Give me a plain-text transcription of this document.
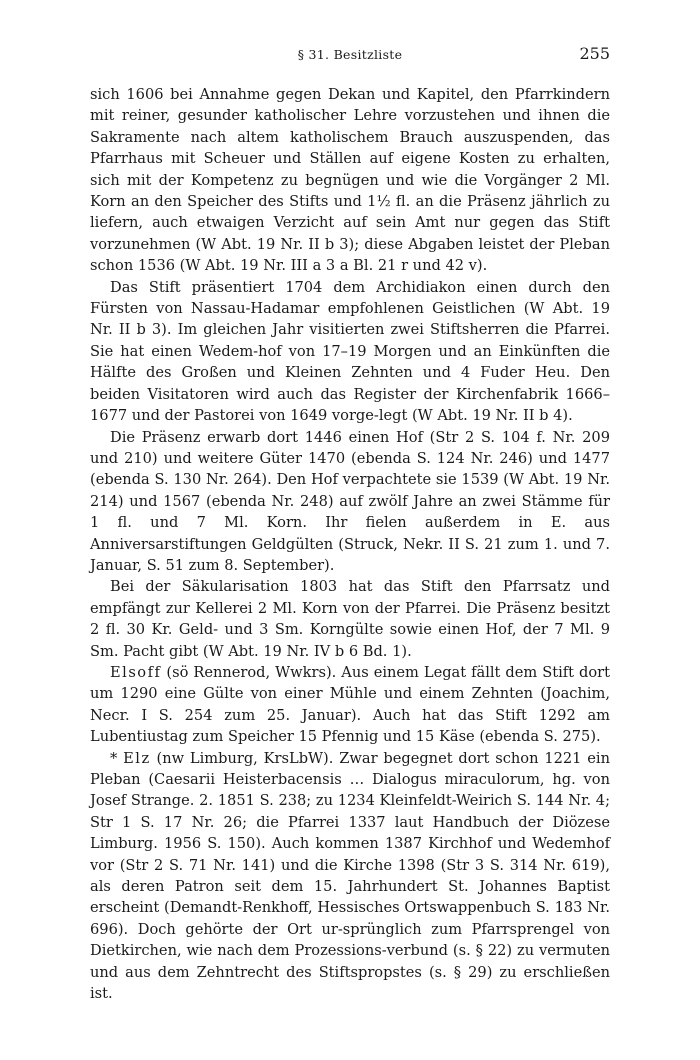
§ 31. Besitzliste	255

sich 1606 bei Annahme gegen Dekan und Kapitel, den Pfarrkindern mit reiner, gesunder katholischer Lehre vorzustehen und ihnen die Sakramente nach altem katholischem Brauch auszuspenden, das Pfarrhaus mit Scheuer und Ställen auf eigene Kosten zu erhalten, sich mit der Kompetenz zu begnügen und wie die Vorgänger 2 Ml. Korn an den Speicher des Stifts und 1½ fl. an die Präsenz jährlich zu liefern, auch etwaigen Verzicht auf sein Amt nur gegen das Stift vorzunehmen (W Abt. 19 Nr. II b 3); diese Abgaben leistet der Pleban schon 1536 (W Abt. 19 Nr. III a 3 a Bl. 21 r und 42 v).

Das Stift präsentiert 1704 dem Archidiakon einen durch den Fürsten von Nassau-Hadamar empfohlenen Geistlichen (W Abt. 19 Nr. II b 3). Im gleichen Jahr visitierten zwei Stiftsherren die Pfarrei. Sie hat einen Wedem-hof von 17–19 Morgen und an Einkünften die Hälfte des Großen und Kleinen Zehnten und 4 Fuder Heu. Den beiden Visitatoren wird auch das Register der Kirchenfabrik 1666–1677 und der Pastorei von 1649 vorge-legt (W Abt. 19 Nr. II b 4).

Die Präsenz erwarb dort 1446 einen Hof (Str 2 S. 104 f. Nr. 209 und 210) und weitere Güter 1470 (ebenda S. 124 Nr. 246) und 1477 (ebenda S. 130 Nr. 264). Den Hof verpachtete sie 1539 (W Abt. 19 Nr. 214) und 1567 (ebenda Nr. 248) auf zwölf Jahre an zwei Stämme für 1 fl. und 7 Ml. Korn. Ihr fielen außerdem in E. aus Anniversarstiftungen Geldgülten (Struck, Nekr. II S. 21 zum 1. und 7. Januar, S. 51 zum 8. September).

Bei der Säkularisation 1803 hat das Stift den Pfarrsatz und empfängt zur Kellerei 2 Ml. Korn von der Pfarrei. Die Präsenz besitzt 2 fl. 30 Kr. Geld- und 3 Sm. Korngülte sowie einen Hof, der 7 Ml. 9 Sm. Pacht gibt (W Abt. 19 Nr. IV b 6 Bd. 1).

Elsoff (sö Rennerod, Wwkrs). Aus einem Legat fällt dem Stift dort um 1290 eine Gülte von einer Mühle und einem Zehnten (Joachim, Necr. I S. 254 zum 25. Januar). Auch hat das Stift 1292 am Lubentiustag zum Speicher 15 Pfennig und 15 Käse (ebenda S. 275).

* Elz (nw Limburg, KrsLbW). Zwar begegnet dort schon 1221 ein Pleban (Caesarii Heisterbacensis … Dialogus miraculorum, hg. von Josef Strange. 2. 1851 S. 238; zu 1234 Kleinfeldt-Weirich S. 144 Nr. 4; Str 1 S. 17 Nr. 26; die Pfarrei 1337 laut Handbuch der Diözese Limburg. 1956 S. 150). Auch kommen 1387 Kirchhof und Wedemhof vor (Str 2 S. 71 Nr. 141) und die Kirche 1398 (Str 3 S. 314 Nr. 619), als deren Patron seit dem 15. Jahrhundert St. Johannes Baptist erscheint (Demandt-Renkhoff, Hessisches Ortswappenbuch S. 183 Nr. 696). Doch gehörte der Ort ur-sprünglich zum Pfarrsprengel von Dietkirchen, wie nach dem Prozessions-verbund (s. § 22) zu vermuten und aus dem Zehntrecht des Stiftspropstes (s. § 29) zu erschließen ist.
